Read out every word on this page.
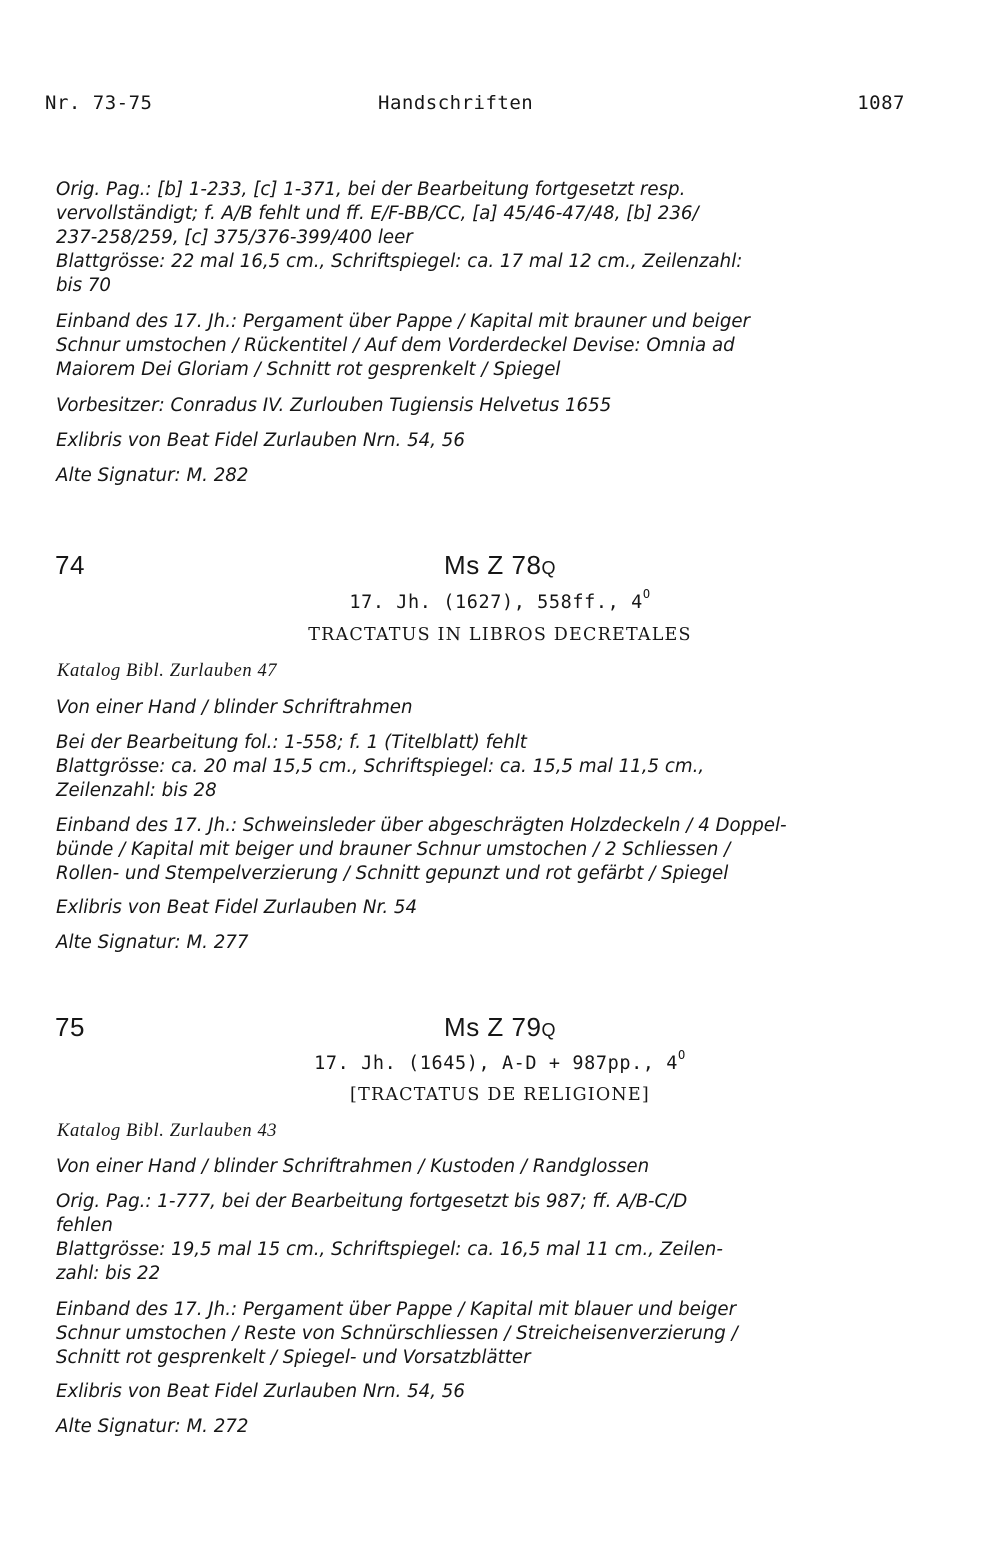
Nr. 73-75	Handschriften	1087
Orig. Pag.: [b] 1-233, [c] 1-371, bei der Bearbeitung fortgesetzt resp.
vervollständigt; f. A/B fehlt und ff. E/F-BB/CC, [a] 45/46-47/48, [b] 236/
237-258/259, [c] 375/376-399/400 leer
Blattgrösse: 22 mal 16,5 cm., Schriftspiegel: ca. 17 mal 12 cm., Zeilenzahl:
bis 70
Einband des 17. Jh.: Pergament über Pappe / Kapital mit brauner und beiger
Schnur umstochen / Rückentitel / Auf dem Vorderdeckel Devise: Omnia ad
Maiorem Dei Gloriam / Schnitt rot gesprenkelt / Spiegel
Vorbesitzer: Conradus IV. Zurlouben Tugiensis Helvetus 1655
Exlibris von Beat Fidel Zurlauben Nrn. 54, 56
Alte Signatur: M. 282
74	Ms Z 78Q
17. Jh. (1627), 558ff., $4^O$
TRACTATUS IN LIBROS DECRETALES
Katalog Bibl. Zurlauben 47
Von einer Hand / blinder Schriftrahmen
Bei der Bearbeitung fol.: 1-558; f. 1 (Titelblatt) fehlt
Blattgrösse: ca. 20 mal 15,5 cm., Schriftspiegel: ca. 15,5 mal 11,5 cm.,
Zeilenzahl: bis 28
Einband des 17. Jh.: Schweinsleder über abgeschrägten Holzdeckeln / 4 Doppel-
bünde / Kapital mit beiger und brauner Schnur umstochen / 2 Schliessen /
Rollen- und Stempelverzierung / Schnitt gepunzt und rot gefärbt / Spiegel
Exlibris von Beat Fidel Zurlauben Nr. 54
Alte Signatur: M. 277
75	Ms Z 79Q
17. Jh. (1645), A-D + 987pp., $4^O$
[TRACTATUS DE RELIGIONE]
Katalog Bibl. Zurlauben 43
Von einer Hand / blinder Schriftrahmen / Kustoden / Randglossen
Orig. Pag.: 1-777, bei der Bearbeitung fortgesetzt bis 987; ff. A/B-C/D
fehlen
Blattgrösse: 19,5 mal 15 cm., Schriftspiegel: ca. 16,5 mal 11 cm., Zeilen-
zahl: bis 22
Einband des 17. Jh.: Pergament über Pappe / Kapital mit blauer und beiger
Schnur umstochen / Reste von Schnürschliessen / Streicheisenverzierung /
Schnitt rot gesprenkelt / Spiegel- und Vorsatzblätter
Exlibris von Beat Fidel Zurlauben Nrn. 54, 56
Alte Signatur: M. 272
